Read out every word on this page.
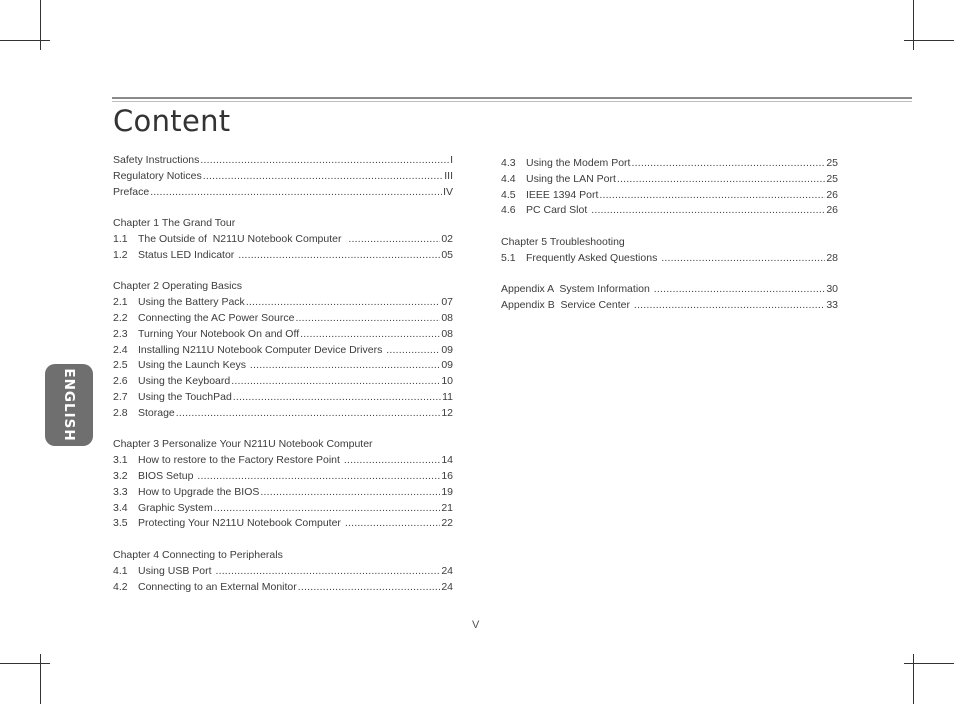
Content
Safety Instructions .....	I
Regulatory Notices .....	III
Preface .....	IV
Chapter 1 The Grand Tour
1.1 The Outside of  N211U Notebook Computer .....	02
1.2 Status LED Indicator .....	05
Chapter 2 Operating Basics
2.1 Using the Battery Pack .....	07
2.2 Connecting the AC Power Source .....	08
2.3 Turning Your Notebook On and Off .....	08
2.4 Installing N211U Notebook Computer Device Drivers .....	09
2.5 Using the Launch Keys .....	09
2.6 Using the Keyboard .....	10
2.7 Using the TouchPad .....	11
2.8 Storage .....	12
Chapter 3 Personalize Your N211U Notebook Computer
3.1 How to restore to the Factory Restore Point .....	14
3.2 BIOS Setup .....	16
3.3 How to Upgrade the BIOS .....	19
3.4 Graphic System .....	21
3.5 Protecting Your N211U Notebook Computer .....	22
Chapter 4 Connecting to Peripherals
4.1 Using USB Port .....	24
4.2 Connecting to an External Monitor .....	24
4.3 Using the Modem Port .....	25
4.4 Using the LAN Port .....	25
4.5 IEEE 1394 Port .....	26
4.6 PC Card Slot .....	26
Chapter 5 Troubleshooting
5.1 Frequently Asked Questions .....	28
Appendix A  System Information .....	30
Appendix B  Service Center .....	33
ENGLISH
V
